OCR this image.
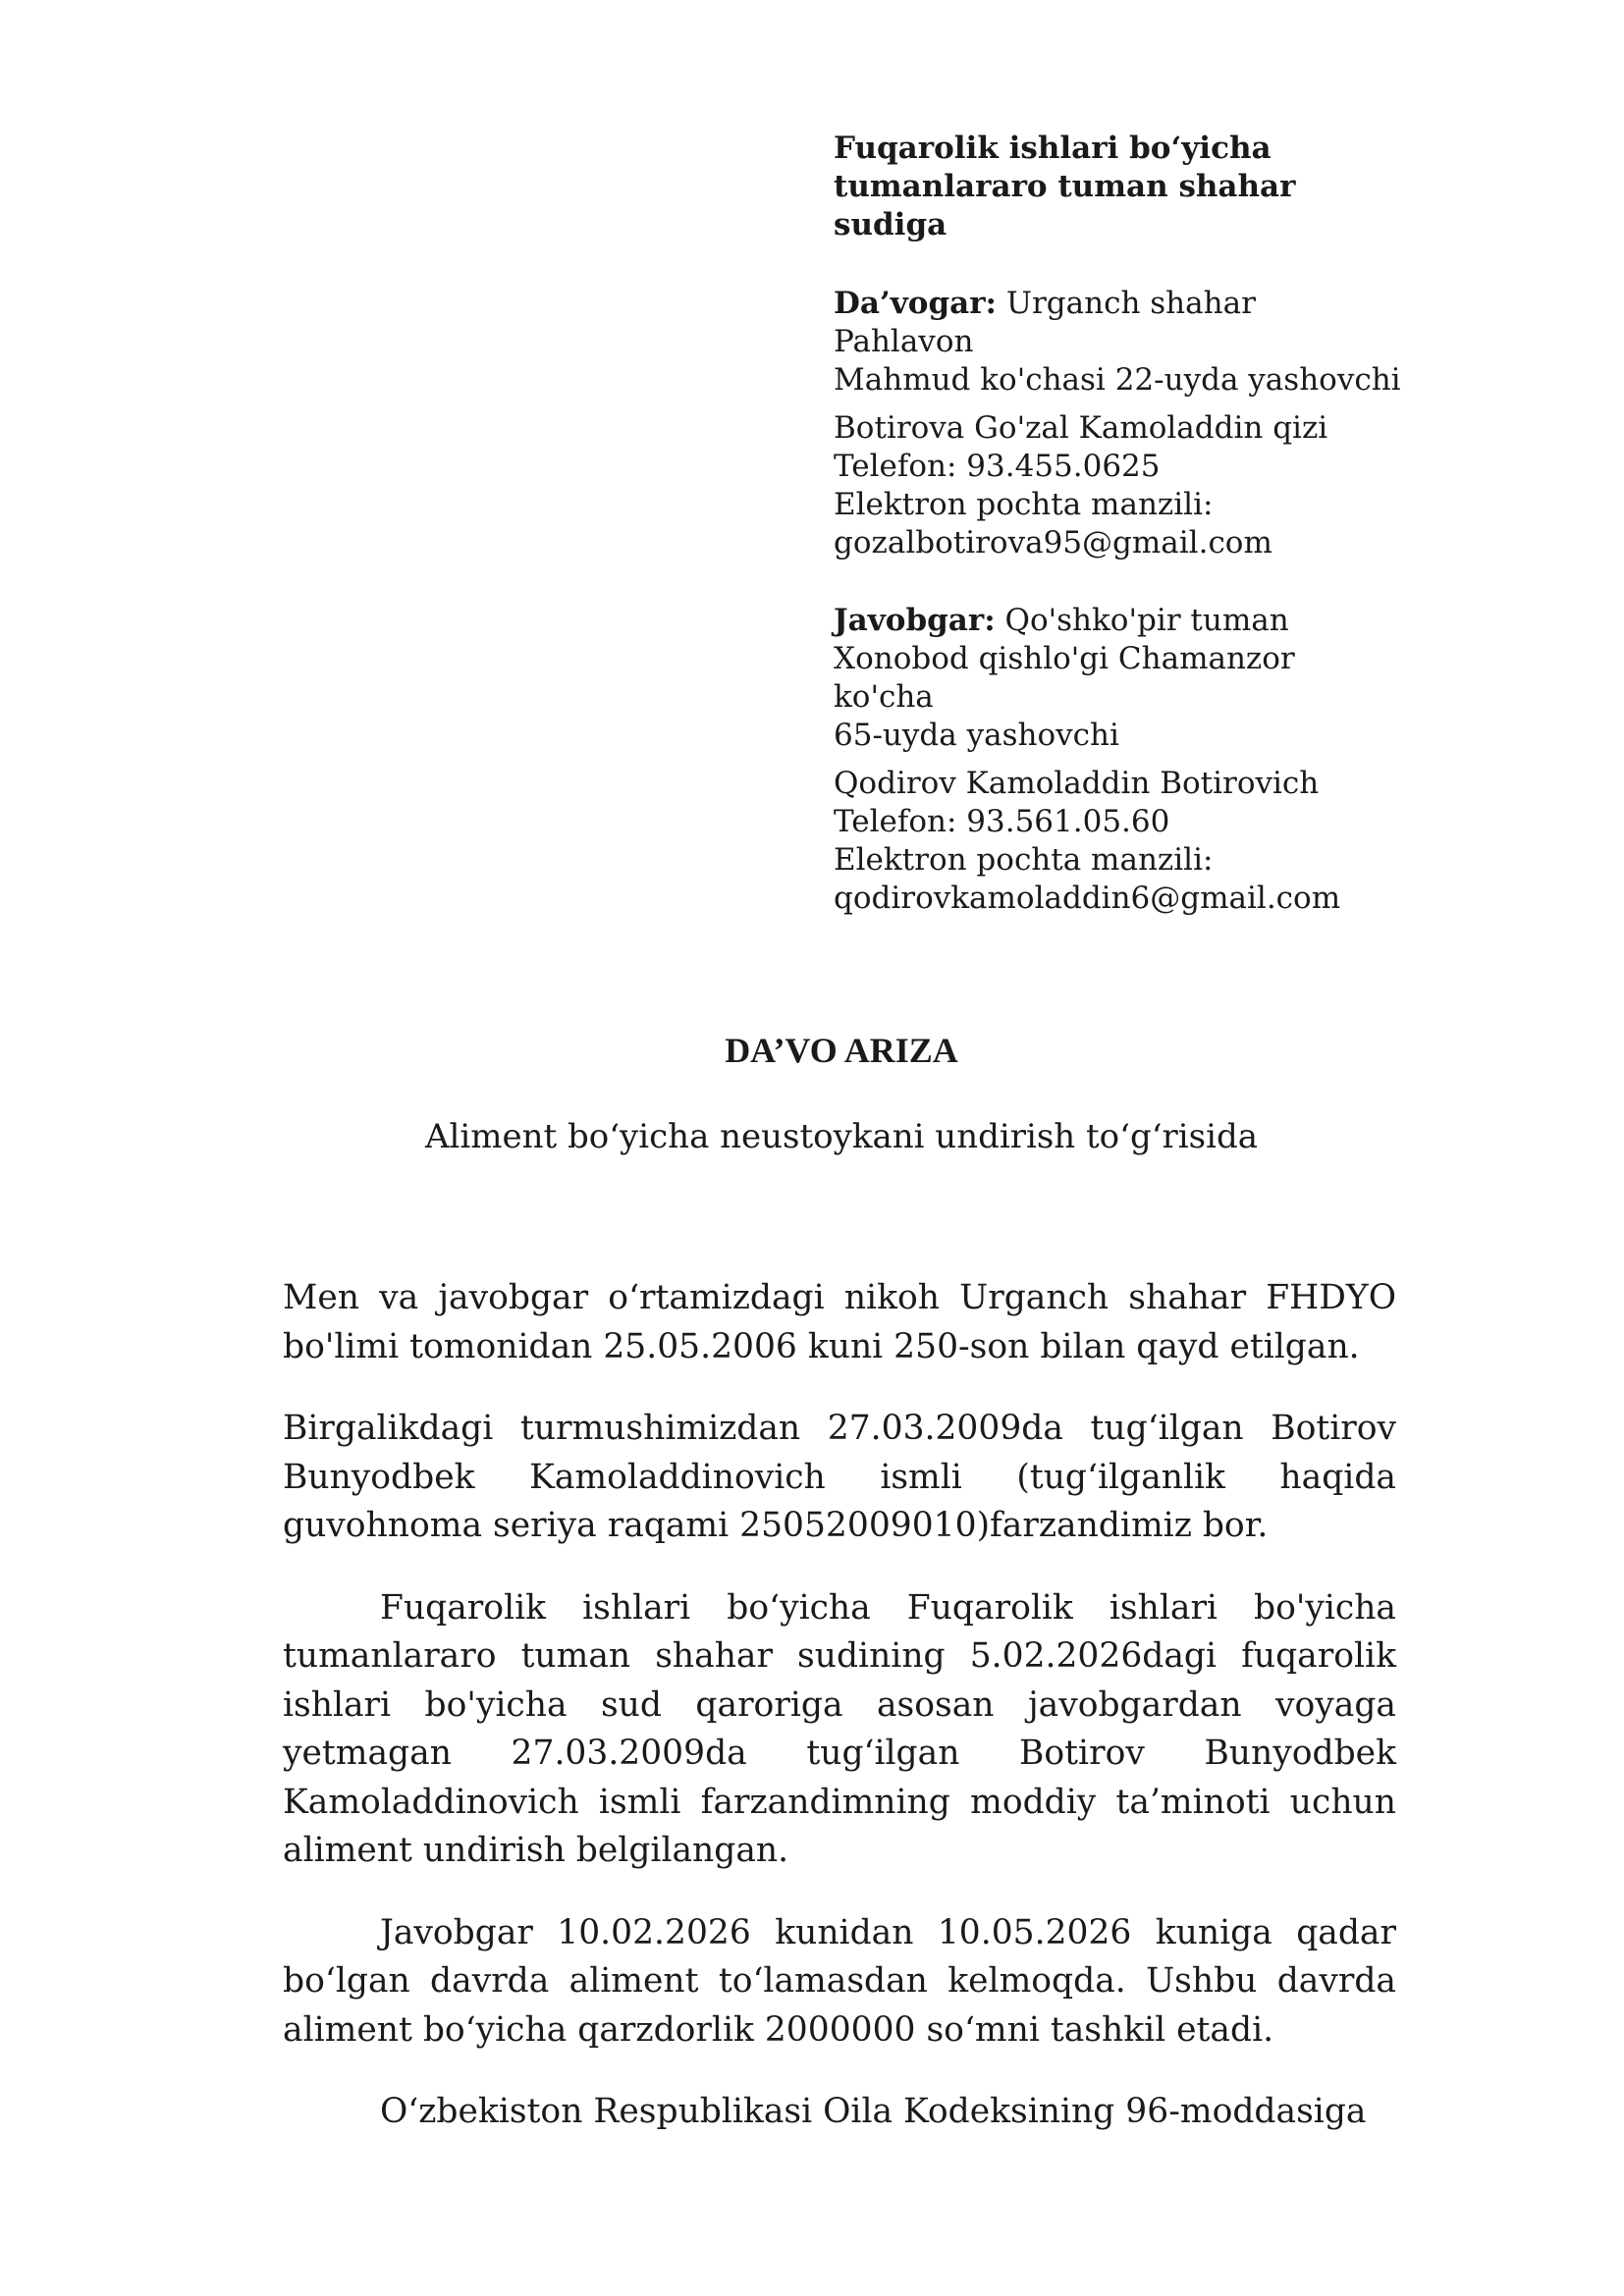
Fuqarolik ishlari bo‘yicha
tumanlararo tuman shahar
sudiga
Da’vogar: Urganch shahar Pahlavon
Mahmud ko'chasi 22-uyda yashovchi
Botirova Go'zal Kamoladdin qizi
Telefon: 93.455.0625
Elektron pochta manzili:
gozalbotirova95@gmail.com
Javobgar: Qo'shko'pir tuman
Xonobod qishlo'gi Chamanzor ko'cha
65-uyda yashovchi
Qodirov Kamoladdin Botirovich
Telefon: 93.561.05.60
Elektron pochta manzili:
qodirovkamoladdin6@gmail.com
DA’VO ARIZA

Aliment bo‘yicha neustoykani undirish to‘g‘risida

Men va javobgar o‘rtamizdagi nikoh Urganch shahar FHDYO bo'limi tomonidan 25.05.2006 kuni 250-son bilan qayd etilgan.

Birgalikdagi turmushimizdan 27.03.2009da tug‘ilgan Botirov Bunyodbek Kamoladdinovich ismli (tug‘ilganlik haqida guvohnoma seriya raqami 25052009010)farzandimiz bor.

Fuqarolik ishlari bo‘yicha Fuqarolik ishlari bo'yicha tumanlararo tuman shahar sudining 5.02.2026dagi fuqarolik ishlari bo'yicha sud qaroriga asosan javobgardan voyaga yetmagan 27.03.2009da tug‘ilgan Botirov Bunyodbek Kamoladdinovich ismli farzandimning moddiy ta’minoti uchun aliment undirish belgilangan.

Javobgar 10.02.2026 kunidan 10.05.2026 kuniga qadar bo‘lgan davrda aliment to‘lamasdan kelmoqda. Ushbu davrda aliment bo‘yicha qarzdorlik 2000000 so‘mni tashkil etadi.

O‘zbekiston Respublikasi Oila Kodeksining 96-moddasiga
